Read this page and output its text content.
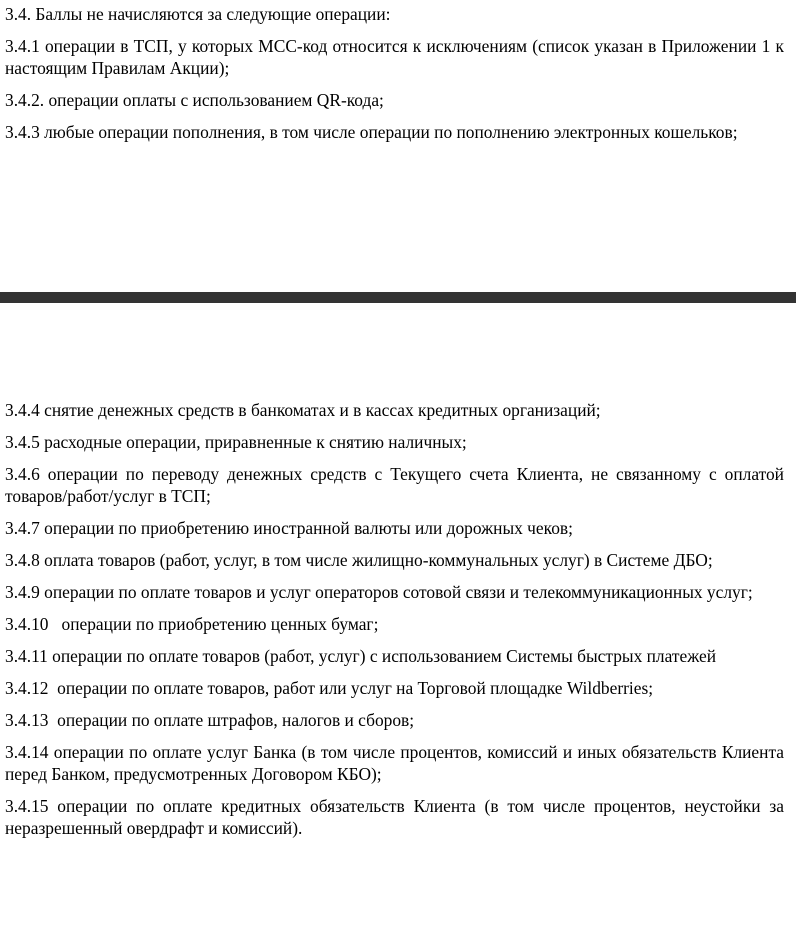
3.4. Баллы не начисляются за следующие операции:

3.4.1 операции в ТСП, у которых МСС-код относится к исключениям (список указан в Приложении 1 к настоящим Правилам Акции);

3.4.2. операции оплаты с использованием QR-кода;

3.4.3 любые операции пополнения, в том числе операции по пополнению электронных кошельков;

3.4.4 снятие денежных средств в банкоматах и в кассах кредитных организаций;

3.4.5 расходные операции, приравненные к снятию наличных;

3.4.6 операции по переводу денежных средств с Текущего счета Клиента, не связанному с оплатой товаров/работ/услуг в ТСП;

3.4.7 операции по приобретению иностранной валюты или дорожных чеков;

3.4.8 оплата товаров (работ, услуг, в том числе жилищно-коммунальных услуг) в Системе ДБО;

3.4.9 операции по оплате товаров и услуг операторов сотовой связи и телекоммуникационных услуг;

3.4.10   операции по приобретению ценных бумаг;

3.4.11 операции по оплате товаров (работ, услуг) с использованием Системы быстрых платежей

3.4.12  операции по оплате товаров, работ или услуг на Торговой площадке Wildberries;

3.4.13  операции по оплате штрафов, налогов и сборов;

3.4.14 операции по оплате услуг Банка (в том числе процентов, комиссий и иных обязательств Клиента перед Банком, предусмотренных Договором КБО);

3.4.15 операции по оплате кредитных обязательств Клиента (в том числе процентов, неустойки за неразрешенный овердрафт и комиссий).
